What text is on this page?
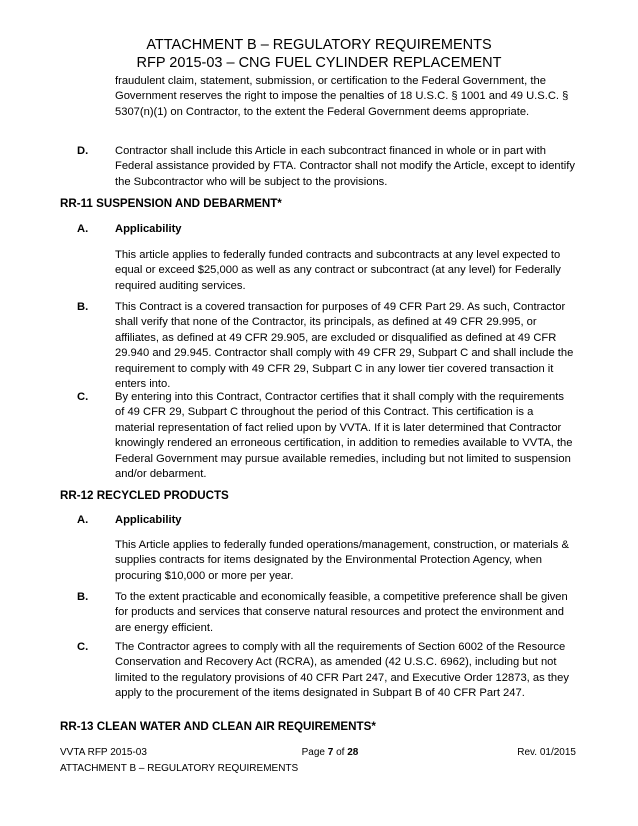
ATTACHMENT B – REGULATORY REQUIREMENTS
RFP 2015-03 – CNG FUEL CYLINDER REPLACEMENT
fraudulent claim, statement, submission, or certification to the Federal Government, the Government reserves the right to impose the penalties of 18 U.S.C. § 1001 and 49 U.S.C. § 5307(n)(1) on Contractor, to the extent the Federal Government deems appropriate.
D. Contractor shall include this Article in each subcontract financed in whole or in part with Federal assistance provided by FTA. Contractor shall not modify the Article, except to identify the Subcontractor who will be subject to the provisions.
RR-11 SUSPENSION AND DEBARMENT*
A. Applicability
This article applies to federally funded contracts and subcontracts at any level expected to equal or exceed $25,000 as well as any contract or subcontract (at any level) for Federally required auditing services.
B. This Contract is a covered transaction for purposes of 49 CFR Part 29. As such, Contractor shall verify that none of the Contractor, its principals, as defined at 49 CFR 29.995, or affiliates, as defined at 49 CFR 29.905, are excluded or disqualified as defined at 49 CFR 29.940 and 29.945. Contractor shall comply with 49 CFR 29, Subpart C and shall include the requirement to comply with 49 CFR 29, Subpart C in any lower tier covered transaction it enters into.
C. By entering into this Contract, Contractor certifies that it shall comply with the requirements of 49 CFR 29, Subpart C throughout the period of this Contract. This certification is a material representation of fact relied upon by VVTA. If it is later determined that Contractor knowingly rendered an erroneous certification, in addition to remedies available to VVTA, the Federal Government may pursue available remedies, including but not limited to suspension and/or debarment.
RR-12 RECYCLED PRODUCTS
A. Applicability
This Article applies to federally funded operations/management, construction, or materials & supplies contracts for items designated by the Environmental Protection Agency, when procuring $10,000 or more per year.
B. To the extent practicable and economically feasible, a competitive preference shall be given for products and services that conserve natural resources and protect the environment and are energy efficient.
C. The Contractor agrees to comply with all the requirements of Section 6002 of the Resource Conservation and Recovery Act (RCRA), as amended (42 U.S.C. 6962), including but not limited to the regulatory provisions of 40 CFR Part 247, and Executive Order 12873, as they apply to the procurement of the items designated in Subpart B of 40 CFR Part 247.
RR-13 CLEAN WATER AND CLEAN AIR REQUIREMENTS*
VVTA RFP 2015-03	Page 7 of 28	Rev. 01/2015
ATTACHMENT B – REGULATORY REQUIREMENTS
